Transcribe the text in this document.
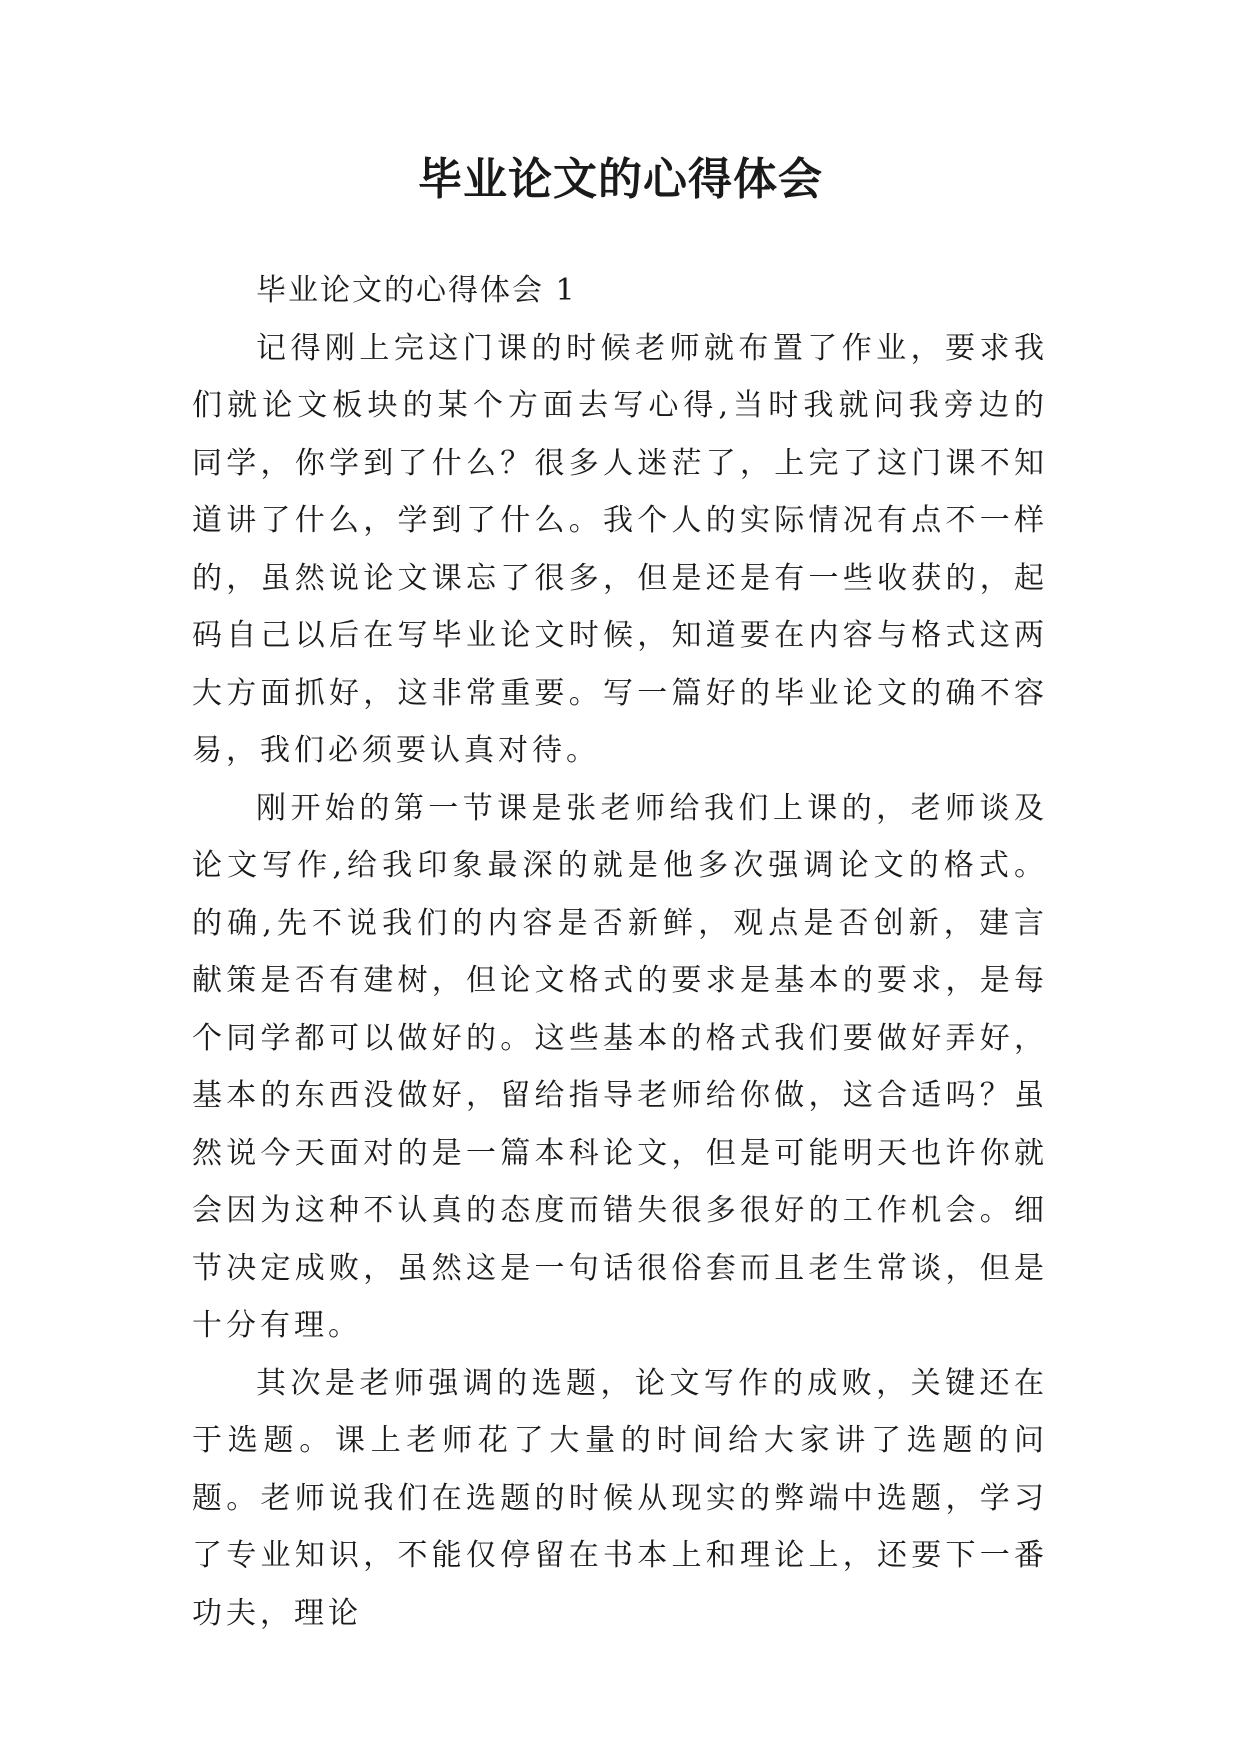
毕业论文的心得体会

毕业论文的心得体会 1

记得刚上完这门课的时候老师就布置了作业，要求我们就论文板块的某个方面去写心得,当时我就问我旁边的同学，你学到了什么？很多人迷茫了，上完了这门课不知道讲了什么，学到了什么。我个人的实际情况有点不一样的，虽然说论文课忘了很多，但是还是有一些收获的，起码自己以后在写毕业论文时候，知道要在内容与格式这两大方面抓好，这非常重要。写一篇好的毕业论文的确不容易，我们必须要认真对待。

刚开始的第一节课是张老师给我们上课的，老师谈及论文写作,给我印象最深的就是他多次强调论文的格式。的确,先不说我们的内容是否新鲜，观点是否创新，建言献策是否有建树，但论文格式的要求是基本的要求，是每个同学都可以做好的。这些基本的格式我们要做好弄好，基本的东西没做好，留给指导老师给你做，这合适吗？虽然说今天面对的是一篇本科论文，但是可能明天也许你就会因为这种不认真的态度而错失很多很好的工作机会。细节决定成败，虽然这是一句话很俗套而且老生常谈，但是十分有理。

其次是老师强调的选题，论文写作的成败，关键还在于选题。课上老师花了大量的时间给大家讲了选题的问题。老师说我们在选题的时候从现实的弊端中选题，学习了专业知识，不能仅停留在书本上和理论上，还要下一番功夫，理论
